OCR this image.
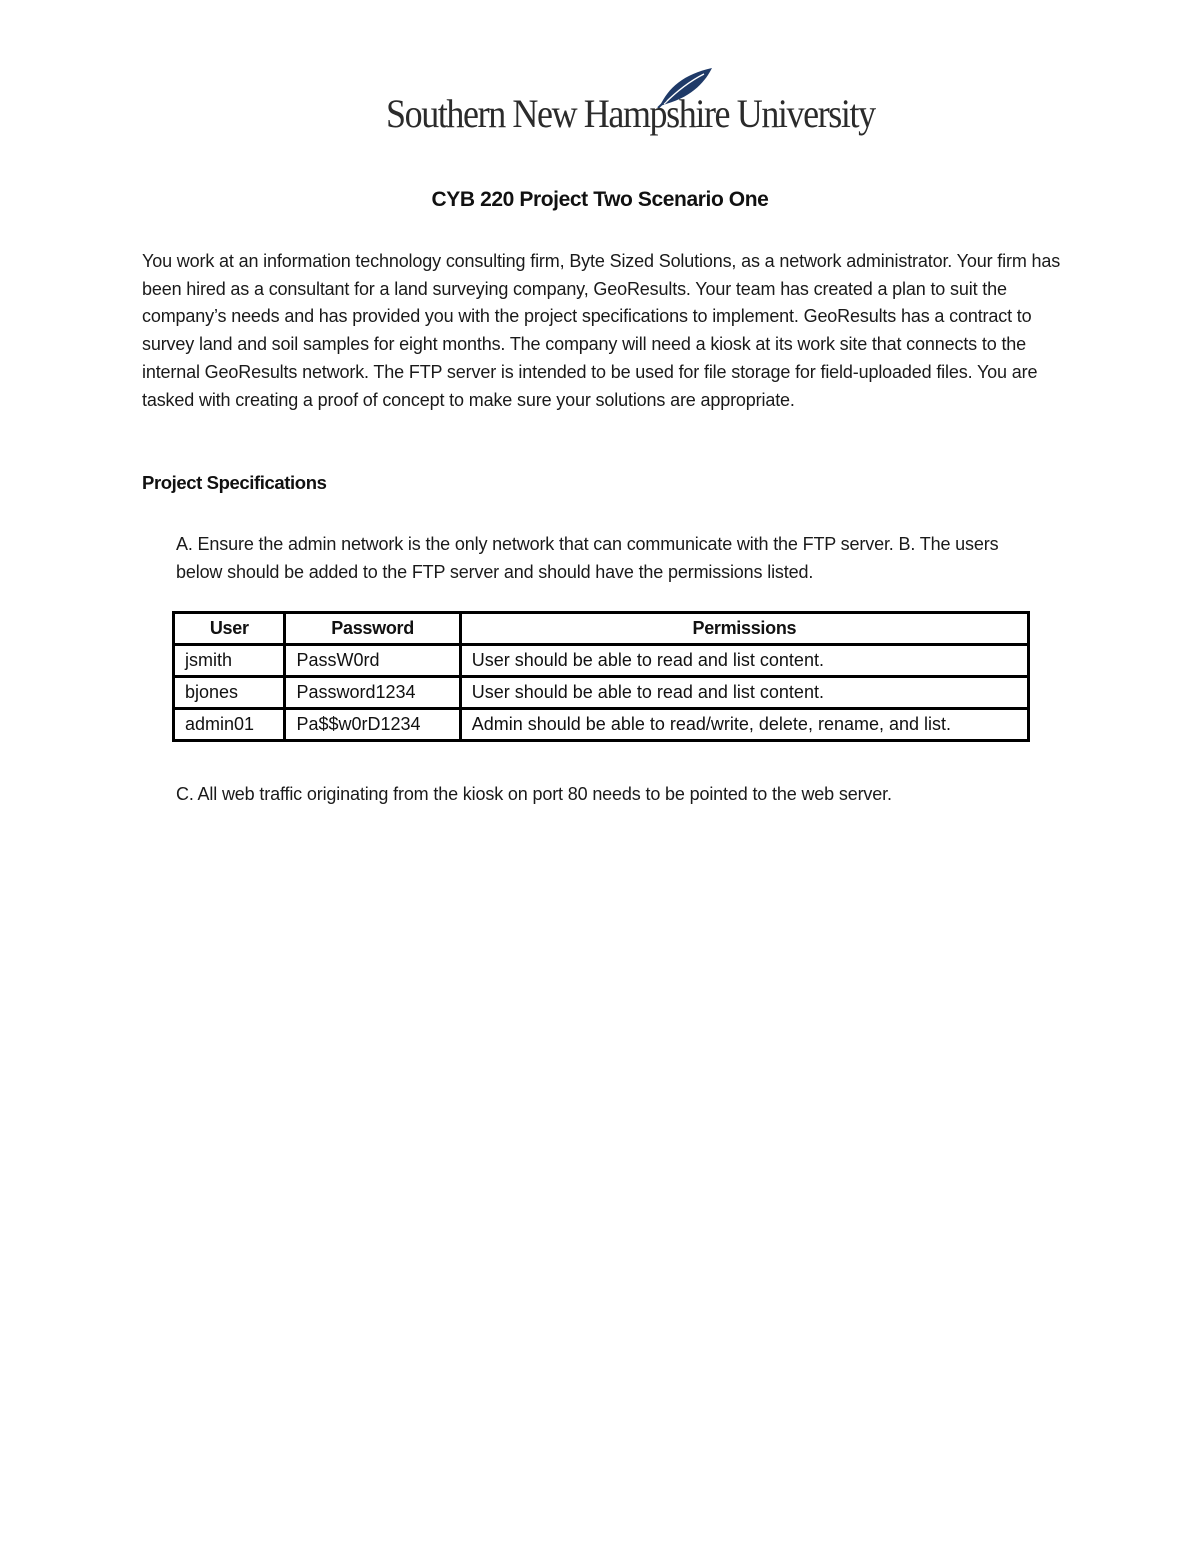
Southern New Hampshire University
CYB 220 Project Two Scenario One
You work at an information technology consulting firm, Byte Sized Solutions, as a network administrator. Your firm has been hired as a consultant for a land surveying company, GeoResults. Your team has created a plan to suit the company’s needs and has provided you with the project specifications to implement. GeoResults has a contract to survey land and soil samples for eight months. The company will need a kiosk at its work site that connects to the internal GeoResults network. The FTP server is intended to be used for file storage for field-uploaded files. You are tasked with creating a proof of concept to make sure your solutions are appropriate.
Project Specifications
A. Ensure the admin network is the only network that can communicate with the FTP server. B. The users below should be added to the FTP server and should have the permissions listed.
User	Password	Permissions
jsmith	PassW0rd	User should be able to read and list content.
bjones	Password1234	User should be able to read and list content.
admin01	Pa$$w0rD1234	Admin should be able to read/write, delete, rename, and list.
C. All web traffic originating from the kiosk on port 80 needs to be pointed to the web server.
